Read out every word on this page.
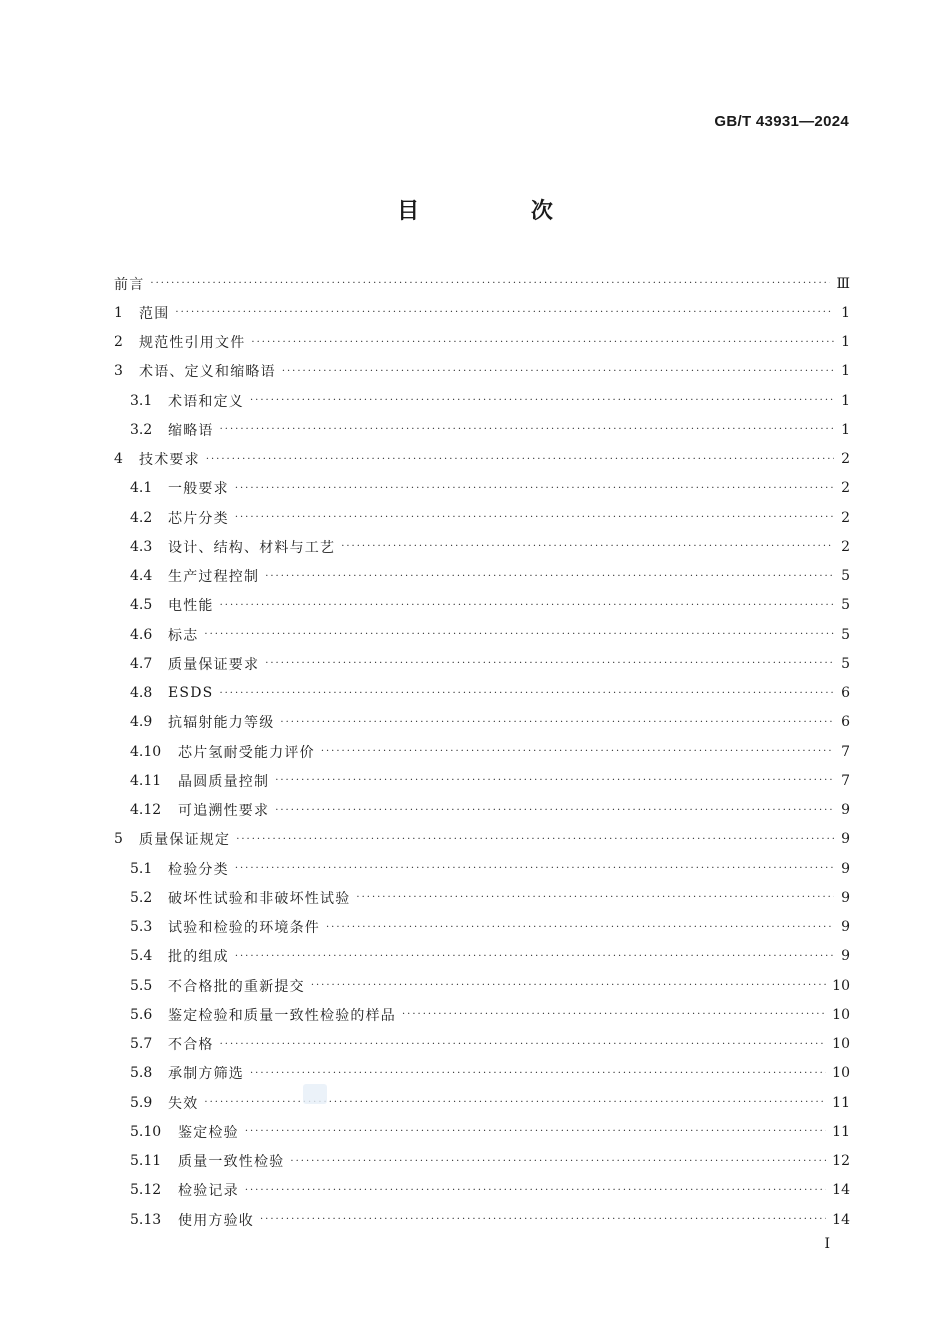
GB/T 43931—2024
目 次
前言 ·····	Ⅲ
1	范围 ·····	1
2	规范性引用文件 ·····	1
3	术语、定义和缩略语 ·····	1
3.1	术语和定义 ·····	1
3.2	缩略语 ·····	1
4	技术要求 ·····	2
4.1	一般要求 ·····	2
4.2	芯片分类 ·····	2
4.3	设计、结构、材料与工艺 ·····	2
4.4	生产过程控制 ·····	5
4.5	电性能 ·····	5
4.6	标志 ·····	5
4.7	质量保证要求 ·····	5
4.8	ESDS ·····	6
4.9	抗辐射能力等级 ·····	6
4.10	芯片氢耐受能力评价 ·····	7
4.11	晶圆质量控制 ·····	7
4.12	可追溯性要求 ·····	9
5	质量保证规定 ·····	9
5.1	检验分类 ·····	9
5.2	破坏性试验和非破坏性试验 ·····	9
5.3	试验和检验的环境条件 ·····	9
5.4	批的组成 ·····	9
5.5	不合格批的重新提交 ·····	10
5.6	鉴定检验和质量一致性检验的样品 ·····	10
5.7	不合格 ·····	10
5.8	承制方筛选 ·····	10
5.9	失效 ·····	11
5.10	鉴定检验 ·····	11
5.11	质量一致性检验 ·····	12
5.12	检验记录 ·····	14
5.13	使用方验收 ·····	14
Ⅰ
